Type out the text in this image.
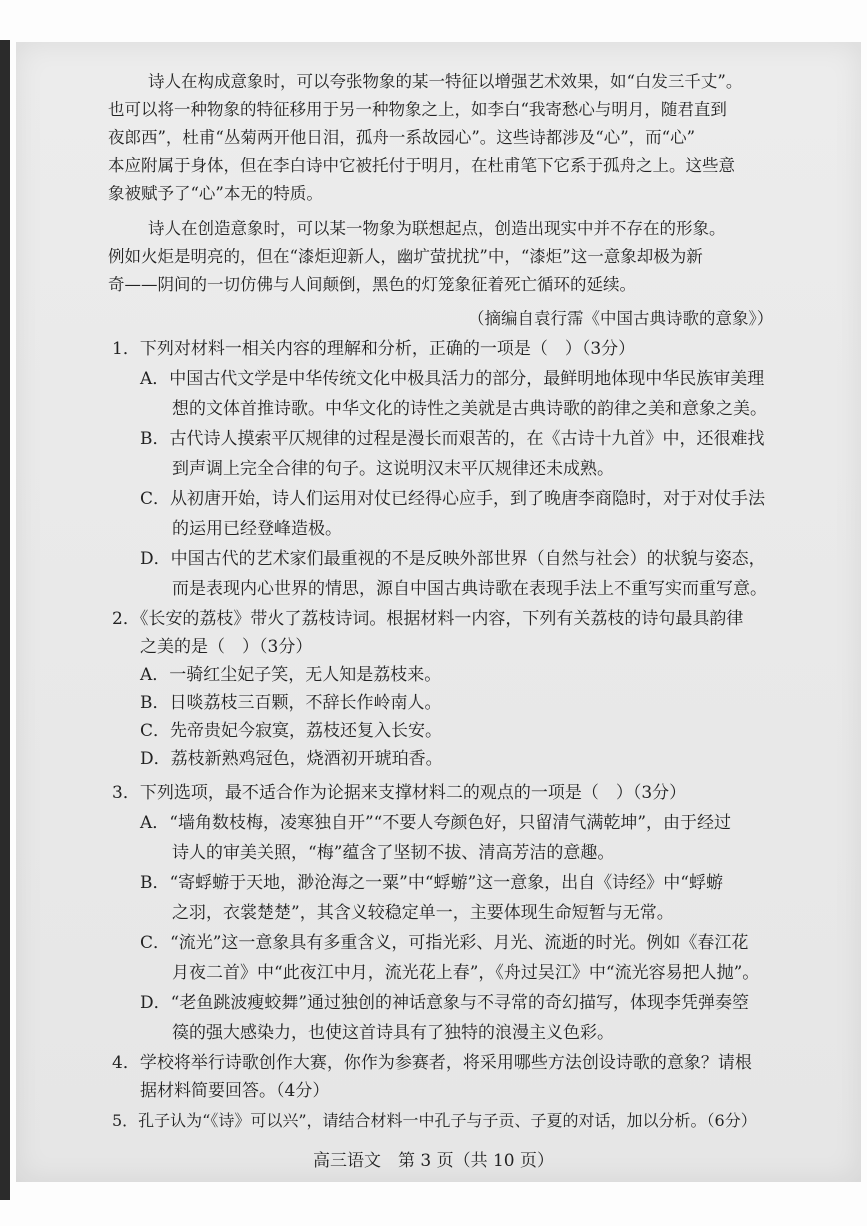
诗人在构成意象时，可以夸张物象的某一特征以增强艺术效果，如“白发三千丈”。
也可以将一种物象的特征移用于另一种物象之上，如李白“我寄愁心与明月，随君直到
夜郎西”，杜甫“丛菊两开他日泪，孤舟一系故园心”。这些诗都涉及“心”，而“心”
本应附属于身体，但在李白诗中它被托付于明月，在杜甫笔下它系于孤舟之上。这些意
象被赋予了“心”本无的特质。
诗人在创造意象时，可以某一物象为联想起点，创造出现实中并不存在的形象。
例如火炬是明亮的，但在“漆炬迎新人，幽圹萤扰扰”中，“漆炬”这一意象却极为新
奇——阴间的一切仿佛与人间颠倒，黑色的灯笼象征着死亡循环的延续。
（摘编自袁行霈《中国古典诗歌的意象》）
1．下列对材料一相关内容的理解和分析，正确的一项是（　）（3分）
A．中国古代文学是中华传统文化中极具活力的部分，最鲜明地体现中华民族审美理
想的文体首推诗歌。中华文化的诗性之美就是古典诗歌的韵律之美和意象之美。
B．古代诗人摸索平仄规律的过程是漫长而艰苦的，在《古诗十九首》中，还很难找
到声调上完全合律的句子。这说明汉末平仄规律还未成熟。
C．从初唐开始，诗人们运用对仗已经得心应手，到了晚唐李商隐时，对于对仗手法
的运用已经登峰造极。
D．中国古代的艺术家们最重视的不是反映外部世界（自然与社会）的状貌与姿态，
而是表现内心世界的情思，源自中国古典诗歌在表现手法上不重写实而重写意。
2．《长安的荔枝》带火了荔枝诗词。根据材料一内容，下列有关荔枝的诗句最具韵律
之美的是（　）（3分）
A．一骑红尘妃子笑，无人知是荔枝来。
B．日啖荔枝三百颗，不辞长作岭南人。
C．先帝贵妃今寂寞，荔枝还复入长安。
D．荔枝新熟鸡冠色，烧酒初开琥珀香。
3．下列选项，最不适合作为论据来支撑材料二的观点的一项是（　）（3分）
A．“墙角数枝梅，凌寒独自开”“不要人夸颜色好，只留清气满乾坤”，由于经过
诗人的审美关照，“梅”蕴含了坚韧不拔、清高芳洁的意趣。
B．“寄蜉蝣于天地，渺沧海之一粟”中“蜉蝣”这一意象，出自《诗经》中“蜉蝣
之羽，衣裳楚楚”，其含义较稳定单一，主要体现生命短暂与无常。
C．“流光”这一意象具有多重含义，可指光彩、月光、流逝的时光。例如《春江花
月夜二首》中“此夜江中月，流光花上春”，《舟过吴江》中“流光容易把人抛”。
D．“老鱼跳波瘦蛟舞”通过独创的神话意象与不寻常的奇幻描写，体现李凭弹奏箜
篌的强大感染力，也使这首诗具有了独特的浪漫主义色彩。
4．学校将举行诗歌创作大赛，你作为参赛者，将采用哪些方法创设诗歌的意象？请根
据材料简要回答。（4分）
5．孔子认为“《诗》可以兴”，请结合材料一中孔子与子贡、子夏的对话，加以分析。（6分）
高三语文　第 3 页（共 10 页）
